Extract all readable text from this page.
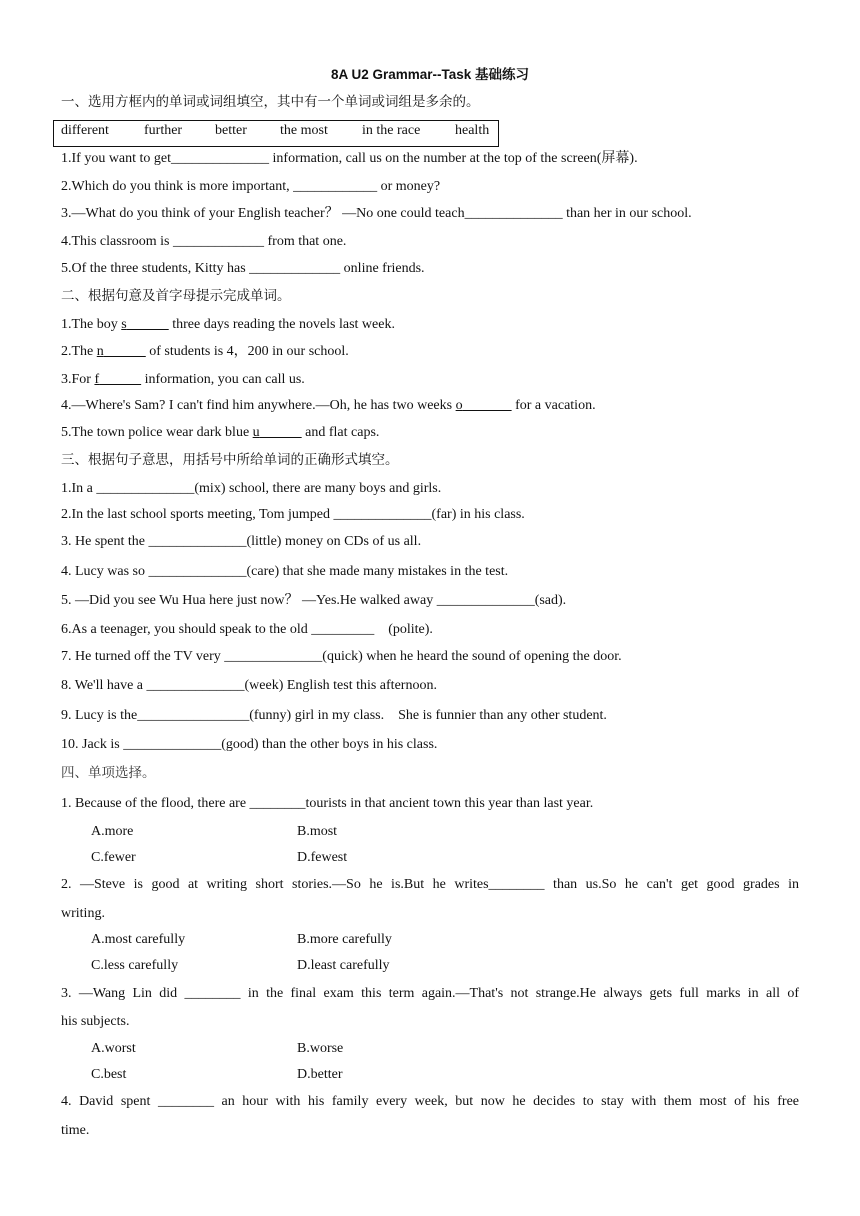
8A U2 Grammar--Task 基础练习
一、选用方框内的单词或词组填空，其中有一个单词或词组是多余的。
different	further better the most in the race health
1.If you want to get______________ information, call us on the number at the top of the screen(屏幕).
2.Which do you think is more important, ____________ or money?
3.—What do you think of your English teacher？ —No one could teach______________ than her in our school.
4.This classroom is _____________ from that one.
5.Of the three students, Kitty has _____________ online friends.
二、根据句意及首字母提示完成单词。
1.The boy s​             three days reading the novels last week.
2.The n	of students is 4，200 in our school.
3.For f	information, you can call us.
4.—Where's Sam? I can't find him anywhere.—Oh, he has two weeks o	for a vacation.
5.The town police wear dark blue u	and flat caps.
三、根据句子意思，用括号中所给单词的正确形式填空。
1.In a ______________(mix) school, there are many boys and girls.
2.In the last school sports meeting, Tom jumped ______________(far) in his class.
3. He spent the ______________(little) money on CDs of us all.
4. Lucy was so ______________(care) that she made many mistakes in the test.
5. —Did you see Wu Hua here just now？ —Yes.He walked away ______________(sad).
6.As a teenager, you should speak to the old _________    (polite).
7. He turned off the TV very ______________(quick) when he heard the sound of opening the door.
8. We'll have a ______________(week) English test this afternoon.
9. Lucy is the________________(funny) girl in my class.    She is funnier than any other student.
10. Jack is ______________(good) than the other boys in his class.
四、单项选择。
1. Because of the flood, there are ________tourists in that ancient town this year than last year.
A.more	B.most
C.fewer	D.fewest
2. —Steve is good at writing short stories.—So he is.But he writes________ than us.So he can't get good grades in
writing.
A.most carefully	B.more carefully
C.less carefully	D.least carefully
3. —Wang Lin did ________ in the final exam this term again.—That's not strange.He always gets full marks in all of
his subjects.
A.worst	B.worse
C.best	D.better
4. David spent ________ an hour with his family every week, but now he decides to stay with them most of his free
time.
